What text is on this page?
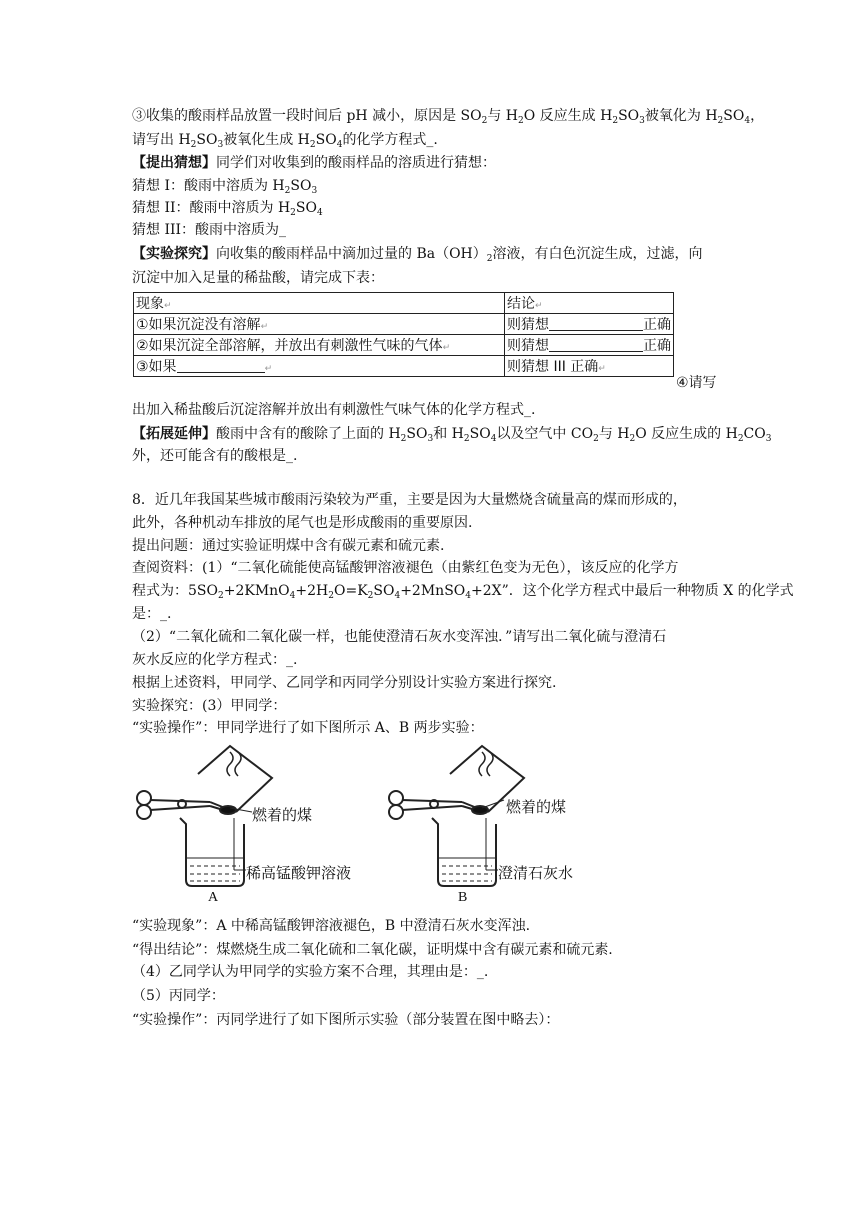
③收集的酸雨样品放置一段时间后 pH 减小，原因是 $SO_2$与 $H_2O$ 反应生成 $H_2SO_3$被氧化为 $H_2SO_4$，
请写出 $H_2SO_3$被氧化生成 $H_2SO_4$的化学方程式_.
【提出猜想】同学们对收集到的酸雨样品的溶质进行猜想：
猜想 I：酸雨中溶质为 $H_2SO_3$
猜想 II：酸雨中溶质为 $H_2SO_4$
猜想 III：酸雨中溶质为_
【实验探究】向收集的酸雨样品中滴加过量的 $Ba(OH)_2$溶液，有白色沉淀生成，过滤，向
沉淀中加入足量的稀盐酸，请完成下表：
现象↵	结论↵
①如果沉淀没有溶解↵	则猜想 正确
②如果沉淀全部溶解，并放出有刺激性气味的气体↵	则猜想 正确
③如果 ↵	则猜想 III 正确↵
④请写
出加入稀盐酸后沉淀溶解并放出有刺激性气味气体的化学方程式_.
【拓展延伸】酸雨中含有的酸除了上面的 $H_2SO_3$和 $H_2SO_4$以及空气中 $CO_2$与 $H_2O$ 反应生成的 $H_2CO_3$
外，还可能含有的酸根是_.
8．近几年我国某些城市酸雨污染较为严重，主要是因为大量燃烧含硫量高的煤而形成的，
此外，各种机动车排放的尾气也是形成酸雨的重要原因.
提出问题：通过实验证明煤中含有碳元素和硫元素.
查阅资料：(1）“二氧化硫能使高锰酸钾溶液褪色（由紫红色变为无色），该反应的化学方
程式为：$5SO_2+2KMnO_4+2H_2O=K_2SO_4+2MnSO_4+2X$”．这个化学方程式中最后一种物质 X 的化学式
是：_.
（2）“二氧化硫和二氧化碳一样，也能使澄清石灰水变浑浊．”请写出二氧化硫与澄清石
灰水反应的化学方程式：_.
根据上述资料，甲同学、乙同学和丙同学分别设计实验方案进行探究.
实验探究：(3）甲同学：
“实验操作”：甲同学进行了如下图所示 A、B 两步实验：
燃着的煤
稀高锰酸钾溶液
A
燃着的煤
澄清石灰水
B
“实验现象”：A 中稀高锰酸钾溶液褪色，B 中澄清石灰水变浑浊.
“得出结论”：煤燃烧生成二氧化硫和二氧化碳，证明煤中含有碳元素和硫元素.
（4）乙同学认为甲同学的实验方案不合理，其理由是：_.
（5）丙同学：
“实验操作”：丙同学进行了如下图所示实验（部分装置在图中略去）：
